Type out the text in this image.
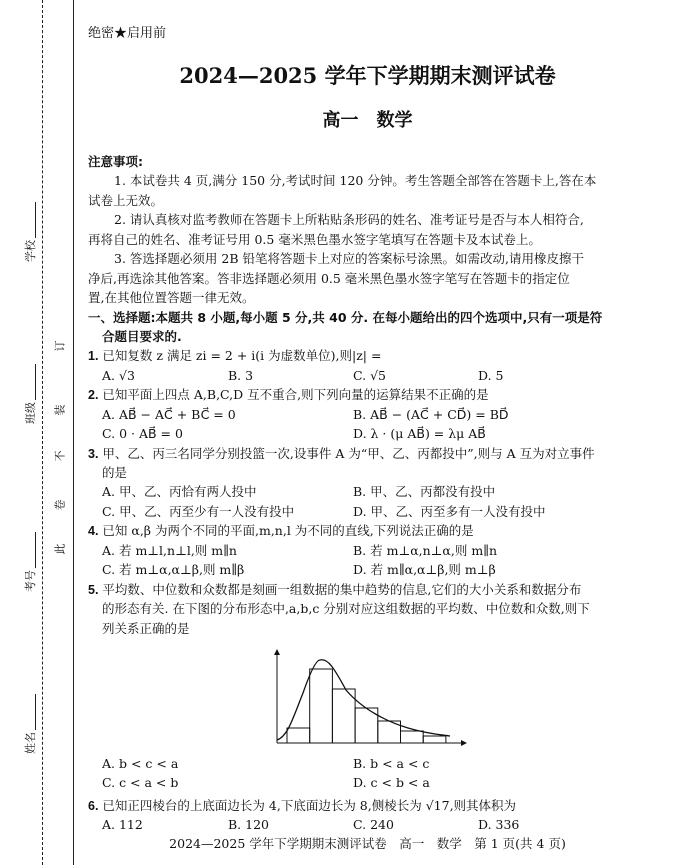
学校
班级
考号
姓名
此
卷
不
装
订
绝密★启用前
2024—2025 学年下学期期末测评试卷
高一　数学
注意事项:
1. 本试卷共 4 页,满分 150 分,考试时间 120 分钟。考生答题全部答在答题卡上,答在本
试卷上无效。
2. 请认真核对监考教师在答题卡上所粘贴条形码的姓名、准考证号是否与本人相符合,
再将自己的姓名、准考证号用 0.5 毫米黑色墨水签字笔填写在答题卡及本试卷上。
3. 答选择题必须用 2B 铅笔将答题卡上对应的答案标号涂黑。如需改动,请用橡皮擦干
净后,再选涂其他答案。答非选择题必须用 0.5 毫米黑色墨水签字笔写在答题卡的指定位
置,在其他位置答题一律无效。
一、选择题:本题共 8 小题,每小题 5 分,共 40 分. 在每小题给出的四个选项中,只有一项是符
合题目要求的.
1. 已知复数 z 满足 zi = 2 + i(i 为虚数单位),则|z| =
A. √3	B. 3	C. √5	D. 5
2. 已知平面上四点 A,B,C,D 互不重合,则下列向量的运算结果不正确的是
A. AB⃗ − AC⃗ + BC⃗ = 0	B. AB⃗ − (AC⃗ + CD⃗) = BD⃗
C. 0 · AB⃗ = 0	D. λ · (μ AB⃗) = λμ AB⃗
3. 甲、乙、丙三名同学分别投篮一次,设事件 A 为“甲、乙、丙都投中”,则与 A 互为对立事件
的是
A. 甲、乙、丙恰有两人投中	B. 甲、乙、丙都没有投中
C. 甲、乙、丙至少有一人没有投中	D. 甲、乙、丙至多有一人没有投中
4. 已知 α,β 为两个不同的平面,m,n,l 为不同的直线,下列说法正确的是
A. 若 m⊥l,n⊥l,则 m∥n	B. 若 m⊥α,n⊥α,则 m∥n
C. 若 m⊥α,α⊥β,则 m∥β	D. 若 m∥α,α⊥β,则 m⊥β
5. 平均数、中位数和众数都是刻画一组数据的集中趋势的信息,它们的大小关系和数据分布
的形态有关. 在下图的分布形态中,a,b,c 分别对应这组数据的平均数、中位数和众数,则下
列关系正确的是
A. b < c < a	B. b < a < c
C. c < a < b	D. c < b < a
6. 已知正四棱台的上底面边长为 4,下底面边长为 8,侧棱长为 √17,则其体积为
A. 112	B. 120	C. 240	D. 336
2024—2025 学年下学期期末测评试卷　高一　数学　第 1 页(共 4 页)
